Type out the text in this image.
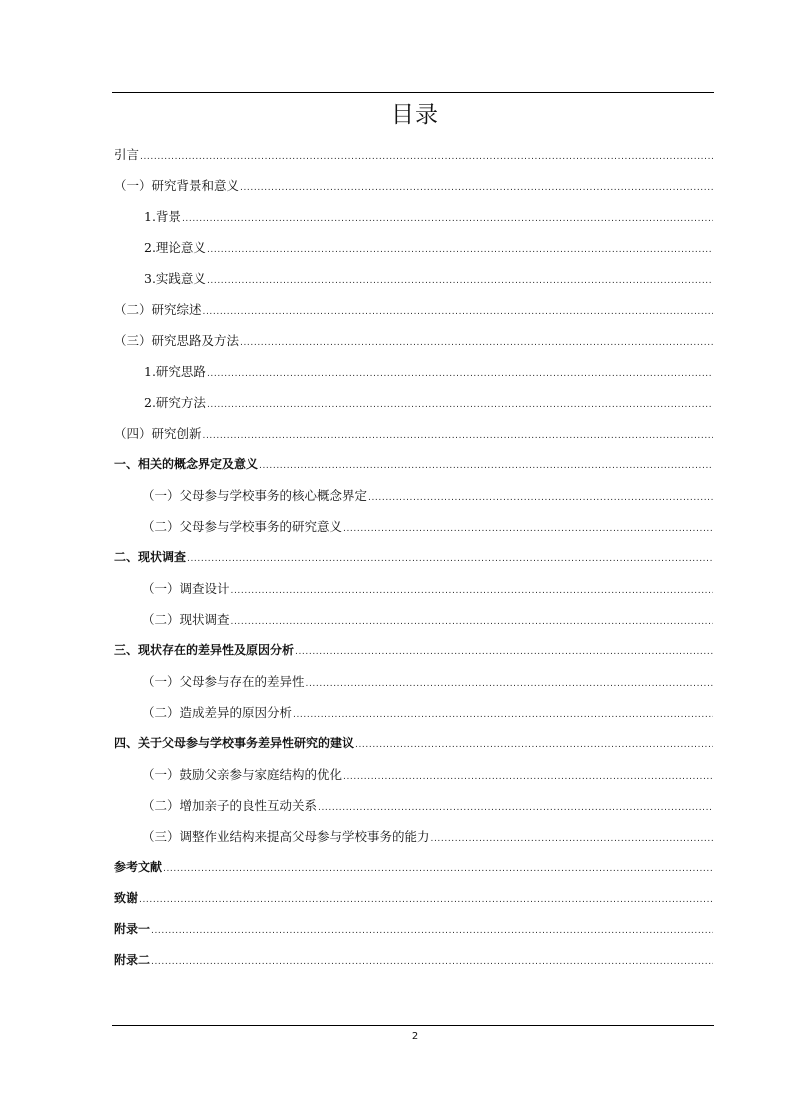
目录
引言
.....
（一）研究背景和意义
.....
1.背景
.....
2.理论意义
.....
3.实践意义
.....
（二）研究综述
.....
（三）研究思路及方法
.....
1.研究思路
.....
2.研究方法
.....
（四）研究创新
.....
一、相关的概念界定及意义
.....
（一）父母参与学校事务的核心概念界定
.....
（二）父母参与学校事务的研究意义
.....
二、现状调查
.....
（一）调查设计
.....
（二）现状调查
.....
三、现状存在的差异性及原因分析
.....
（一）父母参与存在的差异性
.....
（二）造成差异的原因分析
.....
四、关于父母参与学校事务差异性研究的建议
.....
（一）鼓励父亲参与家庭结构的优化
.....
（二）增加亲子的良性互动关系
.....
（三）调整作业结构来提高父母参与学校事务的能力
.....
参考文献
.....
致谢
.....
附录一
.....
附录二
.....
2
